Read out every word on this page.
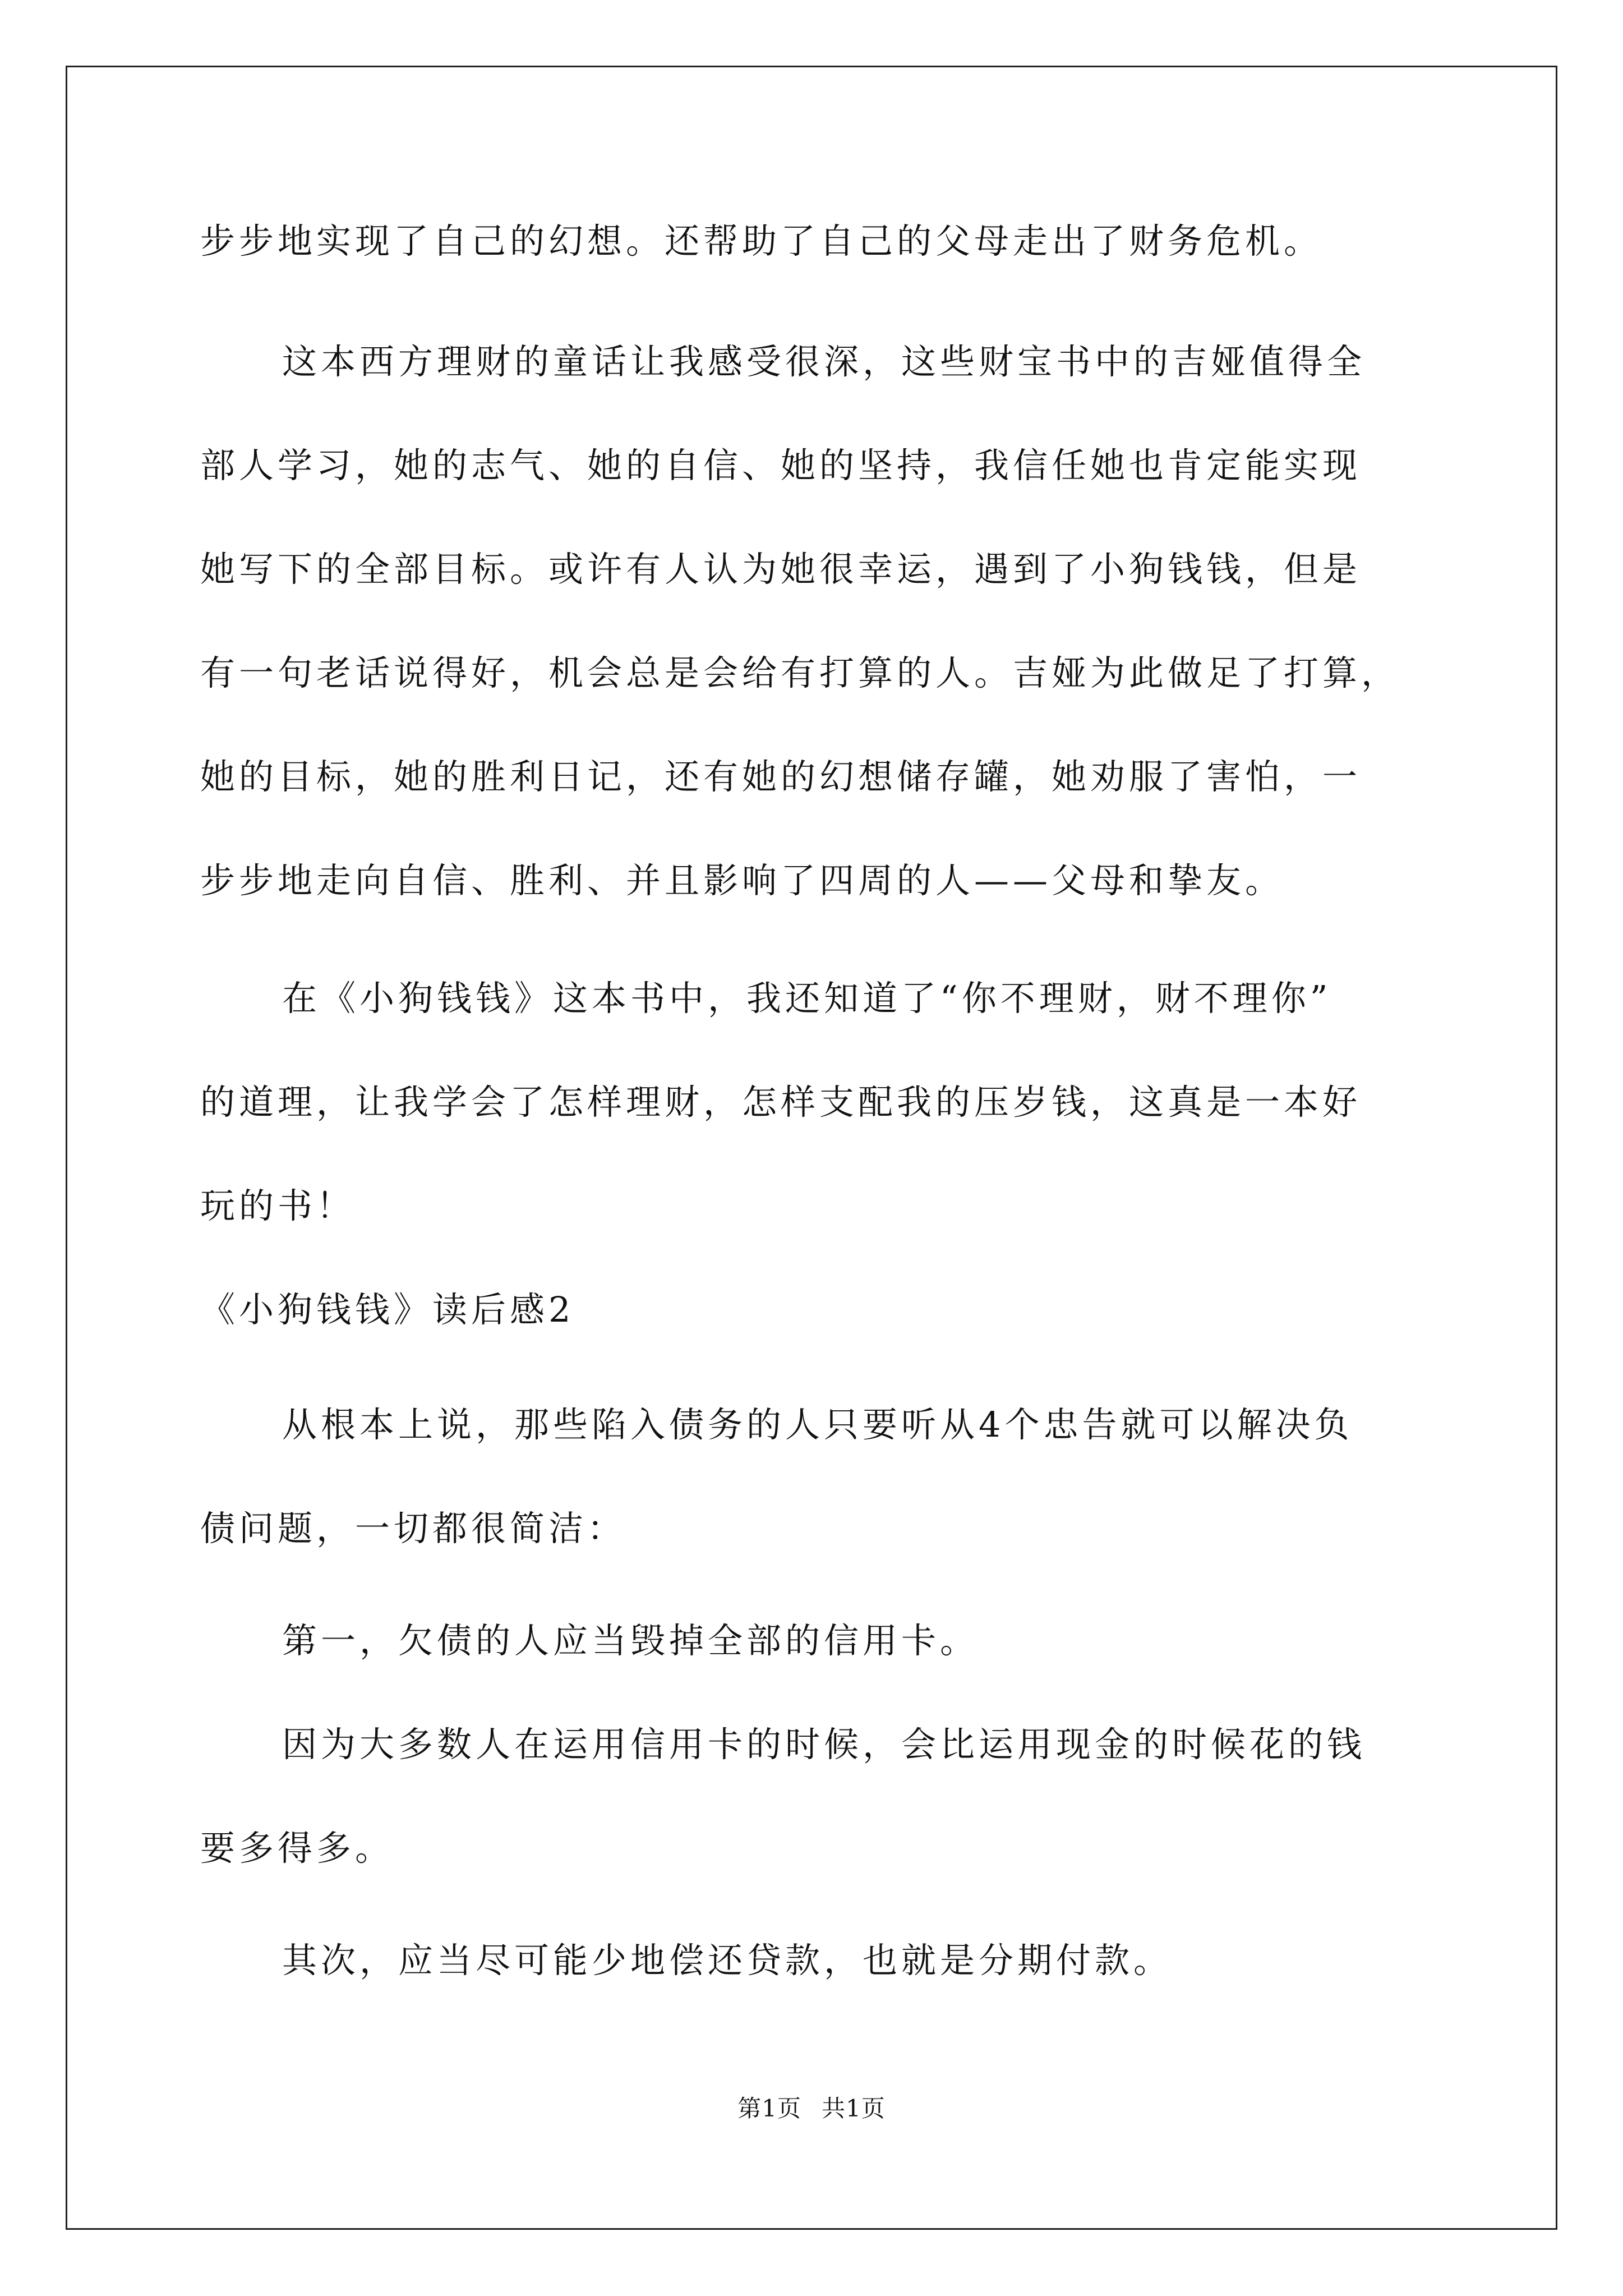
步步地实现了自己的幻想。还帮助了自己的父母走出了财务危机。
这本西方理财的童话让我感受很深，这些财宝书中的吉娅值得全
部人学习，她的志气、她的自信、她的坚持，我信任她也肯定能实现
她写下的全部目标。或许有人认为她很幸运，遇到了小狗钱钱，但是
有一句老话说得好，机会总是会给有打算的人。吉娅为此做足了打算，
她的目标，她的胜利日记，还有她的幻想储存罐，她劝服了害怕，一
步步地走向自信、胜利、并且影响了四周的人——父母和挚友。
在《小狗钱钱》这本书中，我还知道了“你不理财，财不理你”
的道理，让我学会了怎样理财，怎样支配我的压岁钱，这真是一本好
玩的书！
《小狗钱钱》读后感2
从根本上说，那些陷入债务的人只要听从4个忠告就可以解决负
债问题，一切都很简洁：
第一，欠债的人应当毁掉全部的信用卡。
因为大多数人在运用信用卡的时候，会比运用现金的时候花的钱
要多得多。
其次，应当尽可能少地偿还贷款，也就是分期付款。
第1页 共1页
